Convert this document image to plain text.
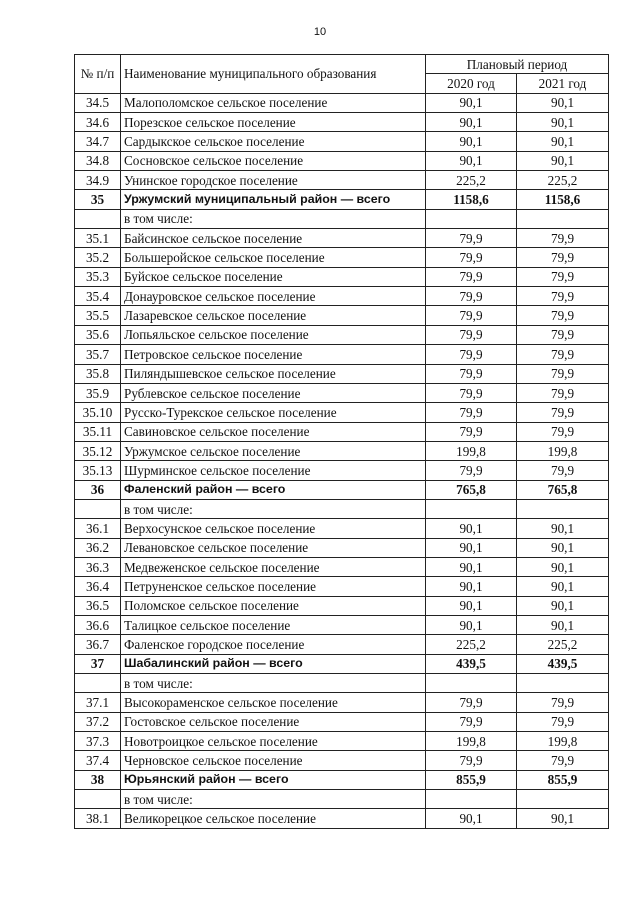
10
№ п/п	Наименование муниципального образования	Плановый период	
		2020 год	2021 год
34.5	Малополомское сельское поселение	90,1	90,1
34.6	Порезское сельское поселение	90,1	90,1
34.7	Сардыкское сельское поселение	90,1	90,1
34.8	Сосновское сельское поселение	90,1	90,1
34.9	Унинское городское поселение	225,2	225,2
35	Уржумский муниципальный район — всего	1158,6	1158,6
	в том числе:		
35.1	Байсинское сельское поселение	79,9	79,9
35.2	Большеройское сельское поселение	79,9	79,9
35.3	Буйское сельское поселение	79,9	79,9
35.4	Донауровское сельское поселение	79,9	79,9
35.5	Лазаревское сельское поселение	79,9	79,9
35.6	Лопьяльское сельское поселение	79,9	79,9
35.7	Петровское сельское поселение	79,9	79,9
35.8	Пиляндышевское сельское поселение	79,9	79,9
35.9	Рублевское сельское поселение	79,9	79,9
35.10	Русско-Турекское сельское поселение	79,9	79,9
35.11	Савиновское сельское поселение	79,9	79,9
35.12	Уржумское сельское поселение	199,8	199,8
35.13	Шурминское сельское поселение	79,9	79,9
36	Фаленский район — всего	765,8	765,8
	в том числе:		
36.1	Верхосунское сельское поселение	90,1	90,1
36.2	Левановское сельское поселение	90,1	90,1
36.3	Медвеженское сельское поселение	90,1	90,1
36.4	Петруненское сельское поселение	90,1	90,1
36.5	Поломское сельское поселение	90,1	90,1
36.6	Талицкое сельское поселение	90,1	90,1
36.7	Фаленское городское поселение	225,2	225,2
37	Шабалинский район — всего	439,5	439,5
	в том числе:		
37.1	Высокораменское сельское поселение	79,9	79,9
37.2	Гостовское сельское поселение	79,9	79,9
37.3	Новотроицкое сельское поселение	199,8	199,8
37.4	Черновское сельское поселение	79,9	79,9
38	Юрьянский район — всего	855,9	855,9
	в том числе:		
38.1	Великорецкое сельское поселение	90,1	90,1
